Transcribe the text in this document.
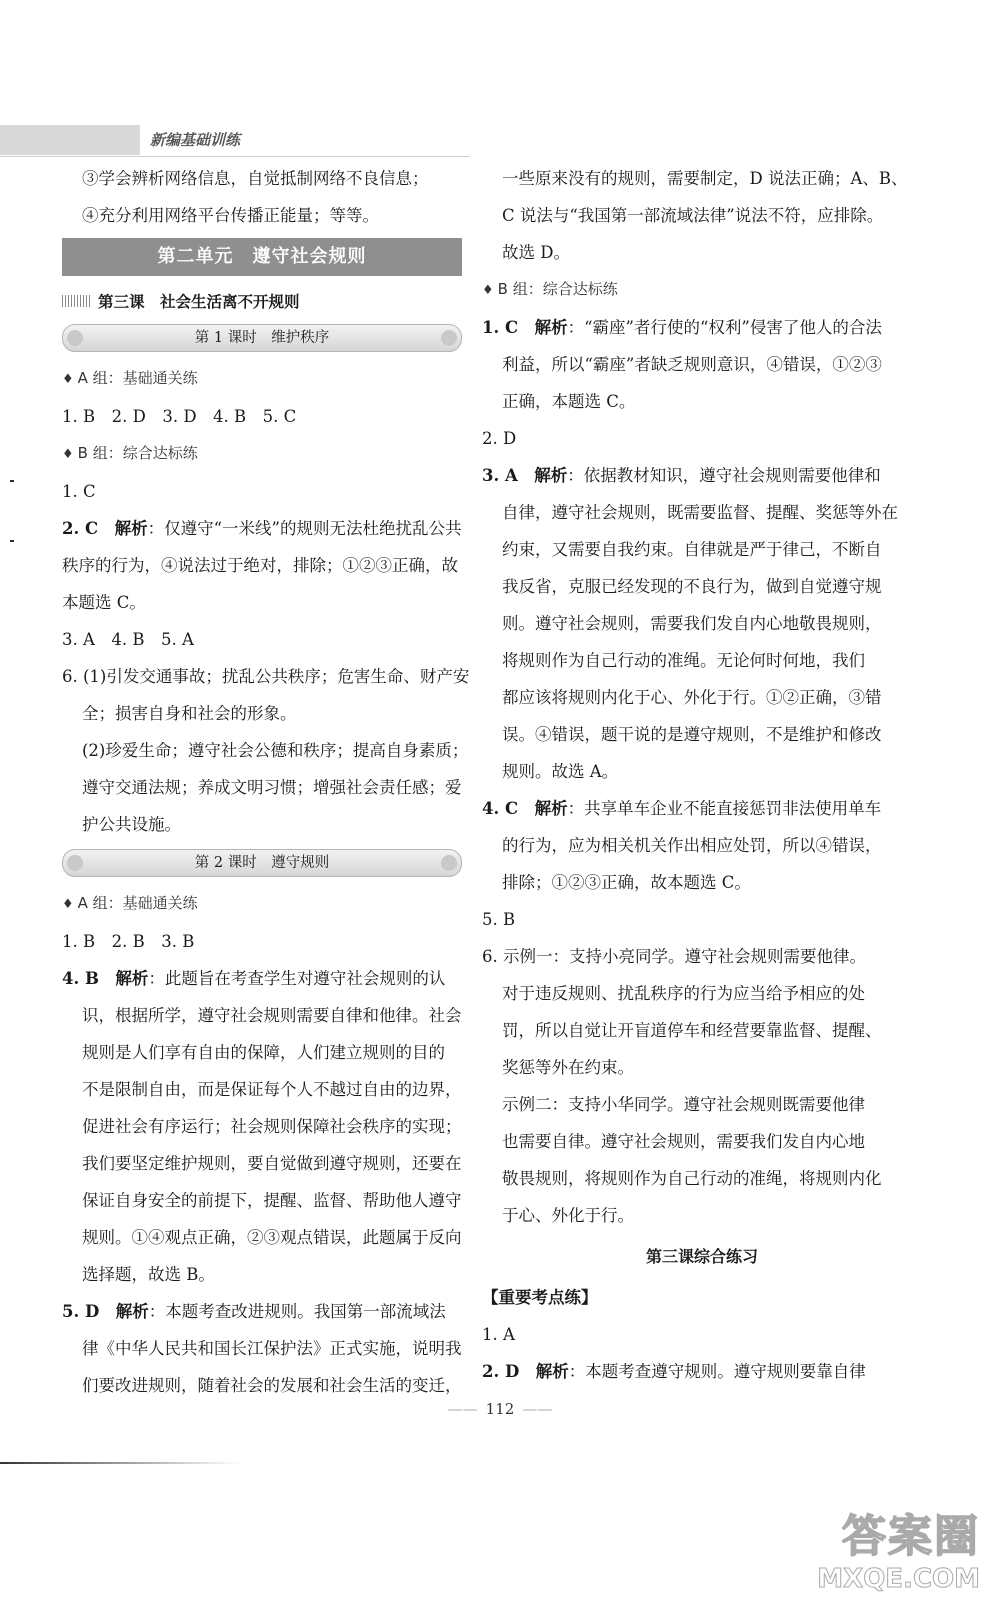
新编基础训练

③学会辨析网络信息，自觉抵制网络不良信息；

④充分利用网络平台传播正能量；等等。

第二单元　遵守社会规则
第三课　社会生活离不开规则
第 1 课时　维护秩序
♦ A 组：基础通关练

1. B　2. D　3. D　4. B　5. C

♦ B 组：综合达标练

1. C

2. C　 解析：仅遵守“一米线”的规则无法杜绝扰乱公共

秩序的行为，④说法过于绝对，排除；①②③正确，故

本题选 C。

3. A　4. B　5. A

6. (1)引发交通事故；扰乱公共秩序；危害生命、财产安

全；损害自身和社会的形象。

(2)珍爱生命；遵守社会公德和秩序；提高自身素质；

遵守交通法规；养成文明习惯；增强社会责任感；爱

护公共设施。

第 2 课时　遵守规则
♦ A 组：基础通关练

1. B　2. B　3. B

4. B　 解析：此题旨在考查学生对遵守社会规则的认

识，根据所学，遵守社会规则需要自律和他律。社会

规则是人们享有自由的保障，人们建立规则的目的

不是限制自由，而是保证每个人不越过自由的边界，

促进社会有序运行；社会规则保障社会秩序的实现；

我们要坚定维护规则，要自觉做到遵守规则，还要在

保证自身安全的前提下，提醒、监督、帮助他人遵守

规则。①④观点正确，②③观点错误，此题属于反向

选择题，故选 B。

5. D　 解析：本题考查改进规则。我国第一部流域法

律《中华人民共和国长江保护法》正式实施，说明我

们要改进规则，随着社会的发展和社会生活的变迁，

一些原来没有的规则，需要制定，D 说法正确；A、B、

C 说法与“我国第一部流域法律”说法不符，应排除。

故选 D。

♦ B 组：综合达标练

1. C　 解析：“霸座”者行使的“权利”侵害了他人的合法

利益，所以“霸座”者缺乏规则意识，④错误，①②③

正确，本题选 C。

2. D

3. A　 解析：依据教材知识，遵守社会规则需要他律和

自律，遵守社会规则，既需要监督、提醒、奖惩等外在

约束，又需要自我约束。自律就是严于律己，不断自

我反省，克服已经发现的不良行为，做到自觉遵守规

则。遵守社会规则，需要我们发自内心地敬畏规则，

将规则作为自己行动的准绳。无论何时何地，我们

都应该将规则内化于心、外化于行。①②正确，③错

误。④错误，题干说的是遵守规则，不是维护和修改

规则。故选 A。

4. C　 解析：共享单车企业不能直接惩罚非法使用单车

的行为，应为相关机关作出相应处罚，所以④错误，

排除；①②③正确，故本题选 C。

5. B

6. 示例一：支持小亮同学。遵守社会规则需要他律。

对于违反规则、扰乱秩序的行为应当给予相应的处

罚，所以自觉让开盲道停车和经营要靠监督、提醒、

奖惩等外在约束。

示例二：支持小华同学。遵守社会规则既需要他律

也需要自律。遵守社会规则，需要我们发自内心地

敬畏规则，将规则作为自己行动的准绳，将规则内化

于心、外化于行。

第三课综合练习
【重要考点练】

1. A

2. D　 解析：本题考查遵守规则。遵守规则要靠自律

—— 112 ——
答案圈
MXQE.COM
